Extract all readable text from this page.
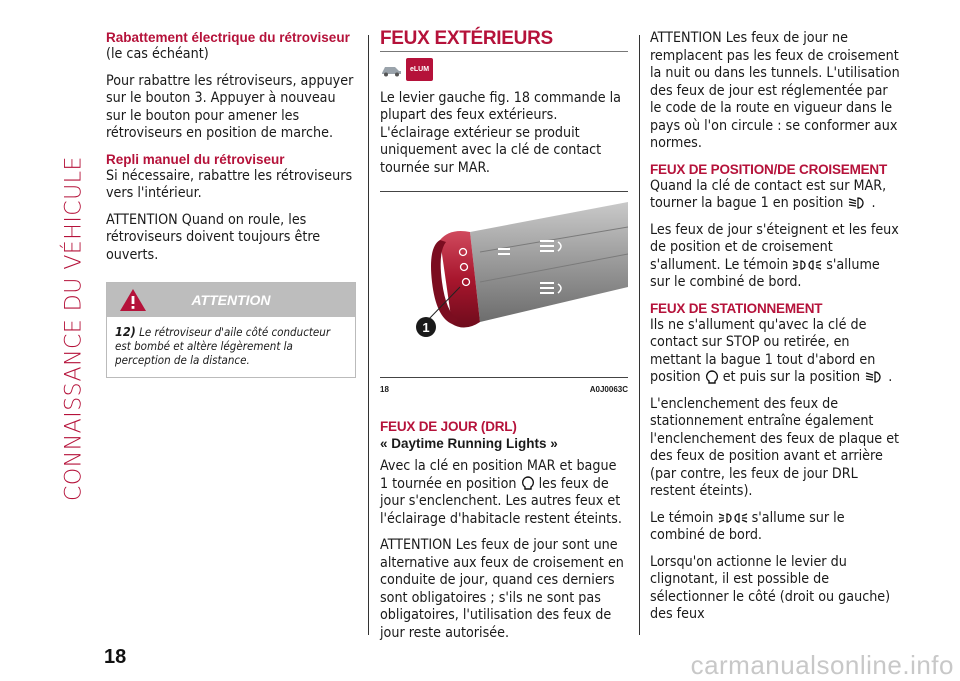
CONNAISSANCE DU VÉHICULE
Rabattement électrique du rétroviseur

(le cas échéant)

Pour rabattre les rétroviseurs, appuyer sur le bouton 3. Appuyer à nouveau sur le bouton pour amener les rétroviseurs en position de marche.

Repli manuel du rétroviseur

Si nécessaire, rabattre les rétroviseurs vers l'intérieur.

ATTENTION Quand on roule, les rétroviseurs doivent toujours être ouverts.

ATTENTION
12) Le rétroviseur d'aile côté conducteur est bombé et altère légèrement la perception de la distance.
FEUX EXTÉRIEURS
eLUM

Le levier gauche fig. 18 commande la plupart des feux extérieurs. L'éclairage extérieur se produit uniquement avec la clé de contact tournée sur MAR.

1
18	A0J0063C
FEUX DE JOUR (DRL)
« Daytime Running Lights »

Avec la clé en position MAR et bague 1 tournée en position les feux de jour s'enclenchent. Les autres feux et l'éclairage d'habitacle restent éteints.

ATTENTION Les feux de jour sont une alternative aux feux de croisement en conduite de jour, quand ces derniers sont obligatoires ; s'ils ne sont pas obligatoires, l'utilisation des feux de jour reste autorisée.

ATTENTION Les feux de jour ne remplacent pas les feux de croisement la nuit ou dans les tunnels. L'utilisation des feux de jour est réglementée par le code de la route en vigueur dans le pays où l'on circule : se conformer aux normes.

FEUX DE POSITION/DE CROISEMENT

Quand la clé de contact est sur MAR, tourner la bague 1 en position .

Les feux de jour s'éteignent et les feux de position et de croisement s'allument. Le témoin	s'allume sur le combiné de bord.

FEUX DE STATIONNEMENT

Ils ne s'allument qu'avec la clé de contact sur STOP ou retirée, en mettant la bague 1 tout d'abord en position et puis sur la position .

L'enclenchement des feux de stationnement entraîne également l'enclenchement des feux de plaque et des feux de position avant et arrière (par contre, les feux de jour DRL restent éteints).

Le témoin	s'allume sur le combiné de bord.

Lorsqu'on actionne le levier du clignotant, il est possible de sélectionner le côté (droit ou gauche) des feux

18	carmanualsonline.info
